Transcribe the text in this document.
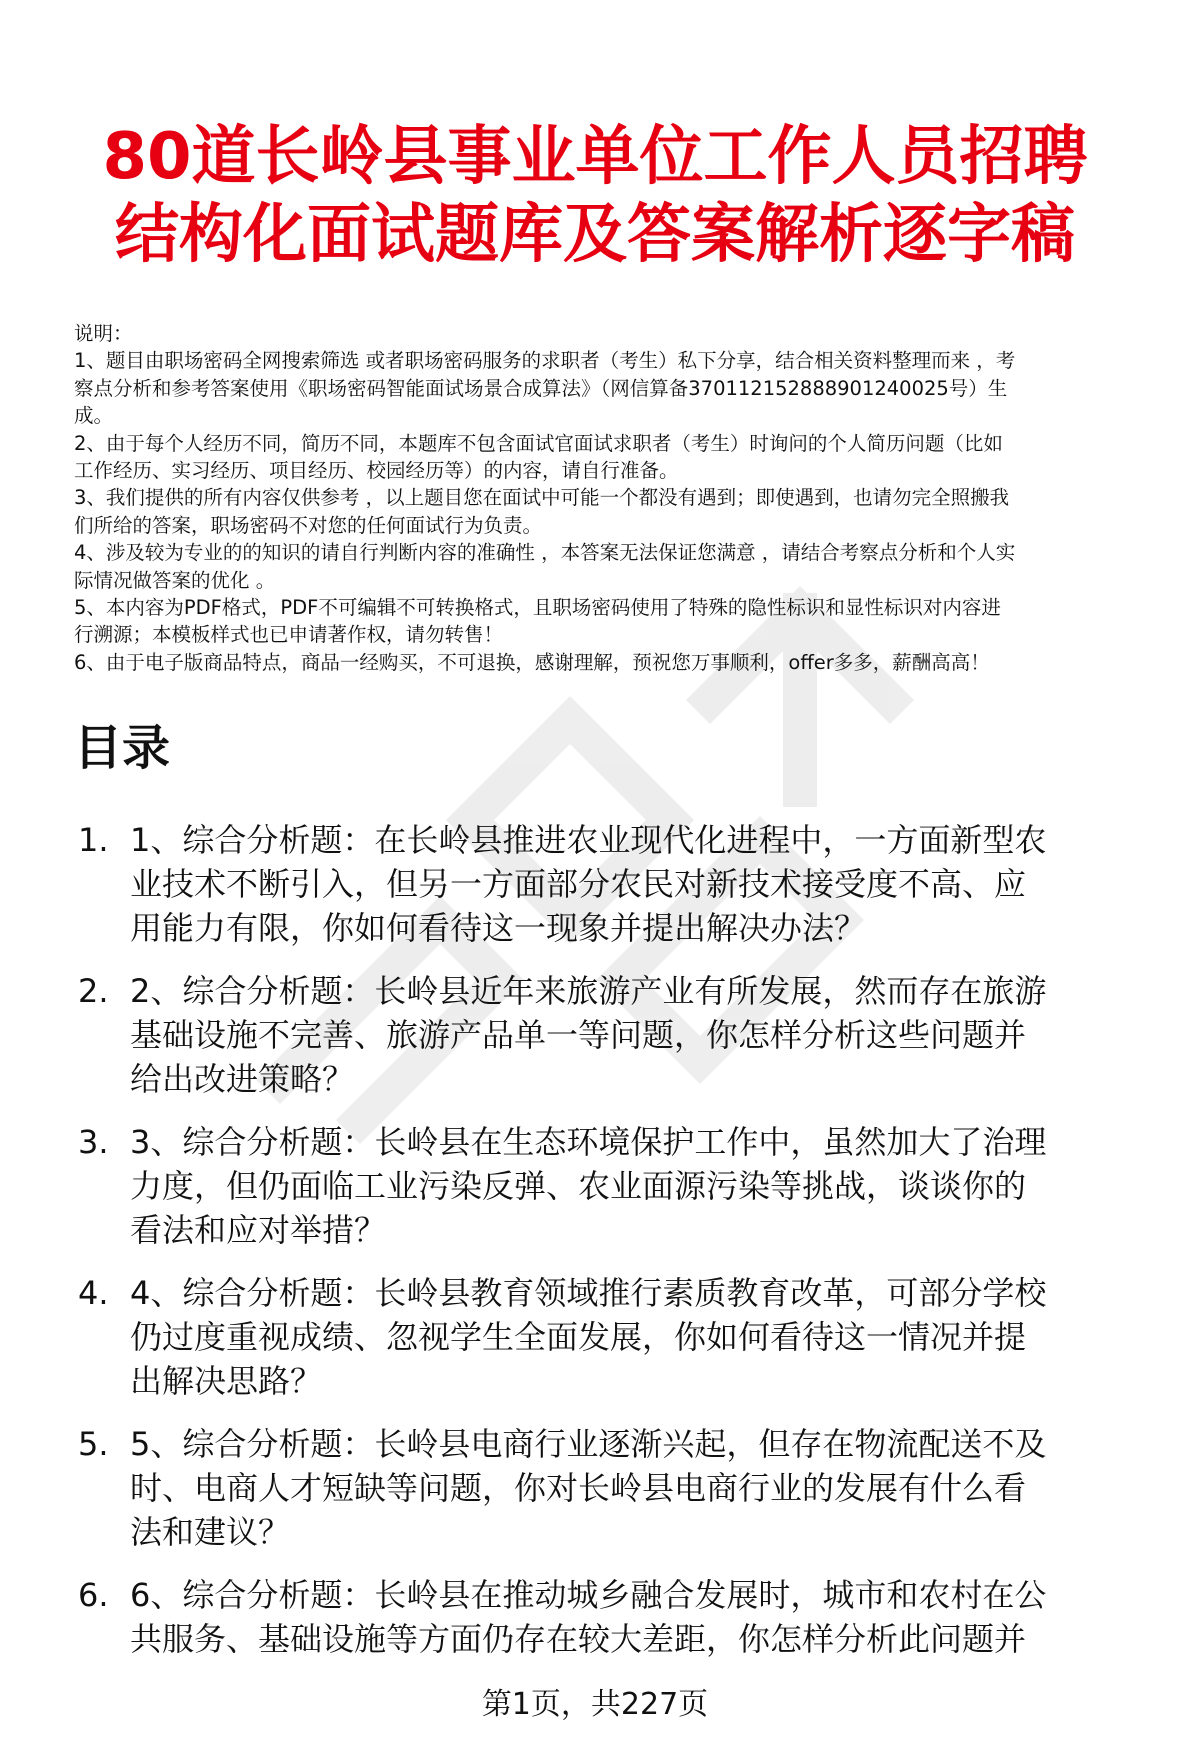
80道长岭县事业单位工作人员招聘
结构化面试题库及答案解析逐字稿
说明：
1、题目由职场密码全网搜索筛选 或者职场密码服务的求职者（考生）私下分享，结合相关资料整理而来 ，考
察点分析和参考答案使用《职场密码智能面试场景合成算法》（网信算备370112152888901240025号）生
成。
2、由于每个人经历不同，简历不同，本题库不包含面试官面试求职者（考生）时询问的个人简历问题（比如
工作经历、实习经历、项目经历、校园经历等）的内容，请自行准备。
3、我们提供的所有内容仅供参考 ，以上题目您在面试中可能一个都没有遇到；即使遇到，也请勿完全照搬我
们所给的答案，职场密码不对您的任何面试行为负责。
4、涉及较为专业的的知识的请自行判断内容的准确性 ，本答案无法保证您满意 ，请结合考察点分析和个人实
际情况做答案的优化 。
5、本内容为PDF格式，PDF不可编辑不可转换格式，且职场密码使用了特殊的隐性标识和显性标识对内容进
行溯源；本模板样式也已申请著作权，请勿转售！
6、由于电子版商品特点，商品一经购买，不可退换，感谢理解，预祝您万事顺利，offer多多，薪酬高高！
目录
1. 1、综合分析题：在长岭县推进农业现代化进程中，一方面新型农
业技术不断引入，但另一方面部分农民对新技术接受度不高、应
用能力有限，你如何看待这一现象并提出解决办法？
2. 2、综合分析题：长岭县近年来旅游产业有所发展，然而存在旅游
基础设施不完善、旅游产品单一等问题，你怎样分析这些问题并
给出改进策略？
3. 3、综合分析题：长岭县在生态环境保护工作中，虽然加大了治理
力度，但仍面临工业污染反弹、农业面源污染等挑战，谈谈你的
看法和应对举措？
4. 4、综合分析题：长岭县教育领域推行素质教育改革，可部分学校
仍过度重视成绩、忽视学生全面发展，你如何看待这一情况并提
出解决思路？
5. 5、综合分析题：长岭县电商行业逐渐兴起，但存在物流配送不及
时、电商人才短缺等问题，你对长岭县电商行业的发展有什么看
法和建议？
6. 6、综合分析题：长岭县在推动城乡融合发展时，城市和农村在公
共服务、基础设施等方面仍存在较大差距，你怎样分析此问题并
第1页，共227页
